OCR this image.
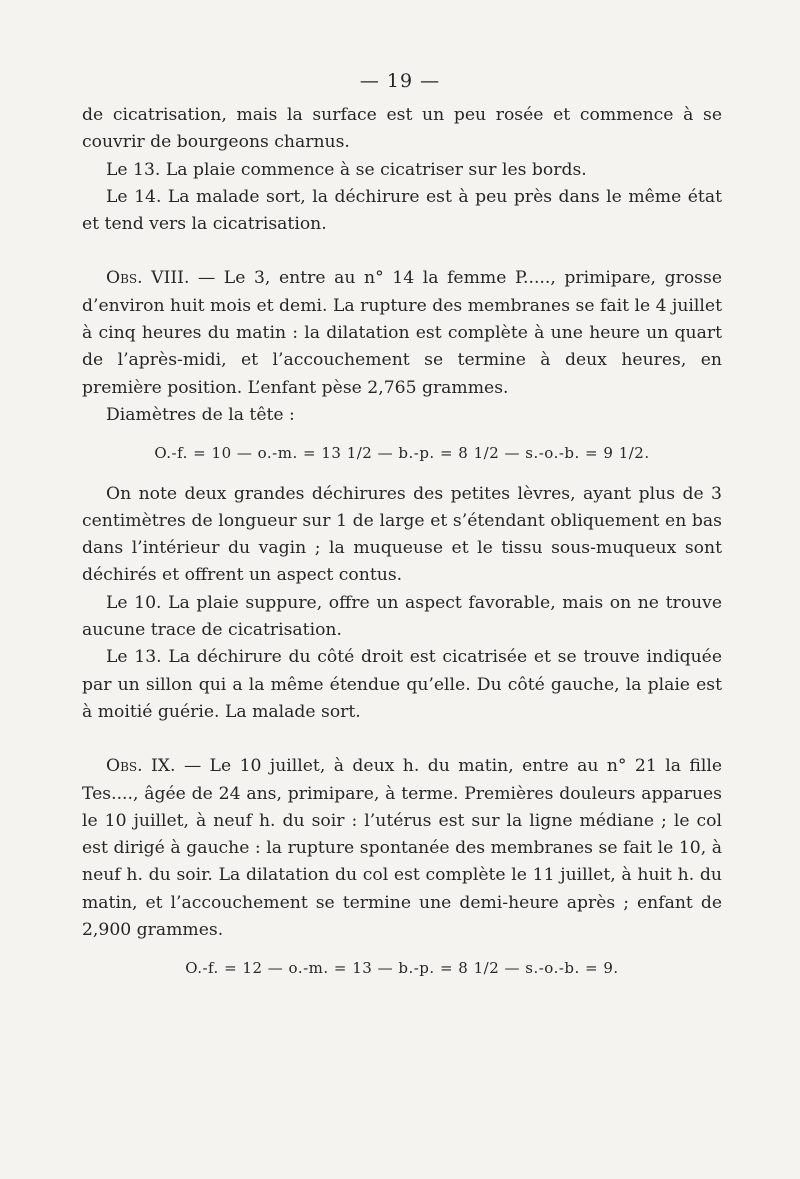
— 19 —

de cicatrisation, mais la surface est un peu rosée et commence à se couvrir de bourgeons charnus.

Le 13. La plaie commence à se cicatriser sur les bords.

Le 14. La malade sort, la déchirure est à peu près dans le même état et tend vers la cicatrisation.

Obs. VIII. — Le 3, entre au n° 14 la femme P....., primipare, grosse d’environ huit mois et demi. La rupture des membranes se fait le 4 juillet à cinq heures du matin : la dilatation est complète à une heure un quart de l’après-midi, et l’accouchement se termine à deux heures, en première position. L’enfant pèse 2,765 grammes.

Diamètres de la tête :

O.-f. = 10 — o.-m. = 13 1/2 — b.-p. = 8 1/2 — s.-o.-b. = 9 1/2.

On note deux grandes déchirures des petites lèvres, ayant plus de 3 centimètres de longueur sur 1 de large et s’étendant obliquement en bas dans l’intérieur du vagin ; la muqueuse et le tissu sous-muqueux sont déchirés et offrent un aspect contus.

Le 10. La plaie suppure, offre un aspect favorable, mais on ne trouve aucune trace de cicatrisation.

Le 13. La déchirure du côté droit est cicatrisée et se trouve indiquée par un sillon qui a la même étendue qu’elle. Du côté gauche, la plaie est à moitié guérie. La malade sort.

Obs. IX. — Le 10 juillet, à deux h. du matin, entre au n° 21 la fille Tes...., âgée de 24 ans, primipare, à terme. Premières douleurs apparues le 10 juillet, à neuf h. du soir : l’utérus est sur la ligne médiane ; le col est dirigé à gauche : la rupture spontanée des membranes se fait le 10, à neuf h. du soir. La dilatation du col est complète le 11 juillet, à huit h. du matin, et l’accouchement se termine une demi-heure après ; enfant de 2,900 grammes.

O.-f. = 12 — o.-m. = 13 — b.-p. = 8 1/2 — s.-o.-b. = 9.
